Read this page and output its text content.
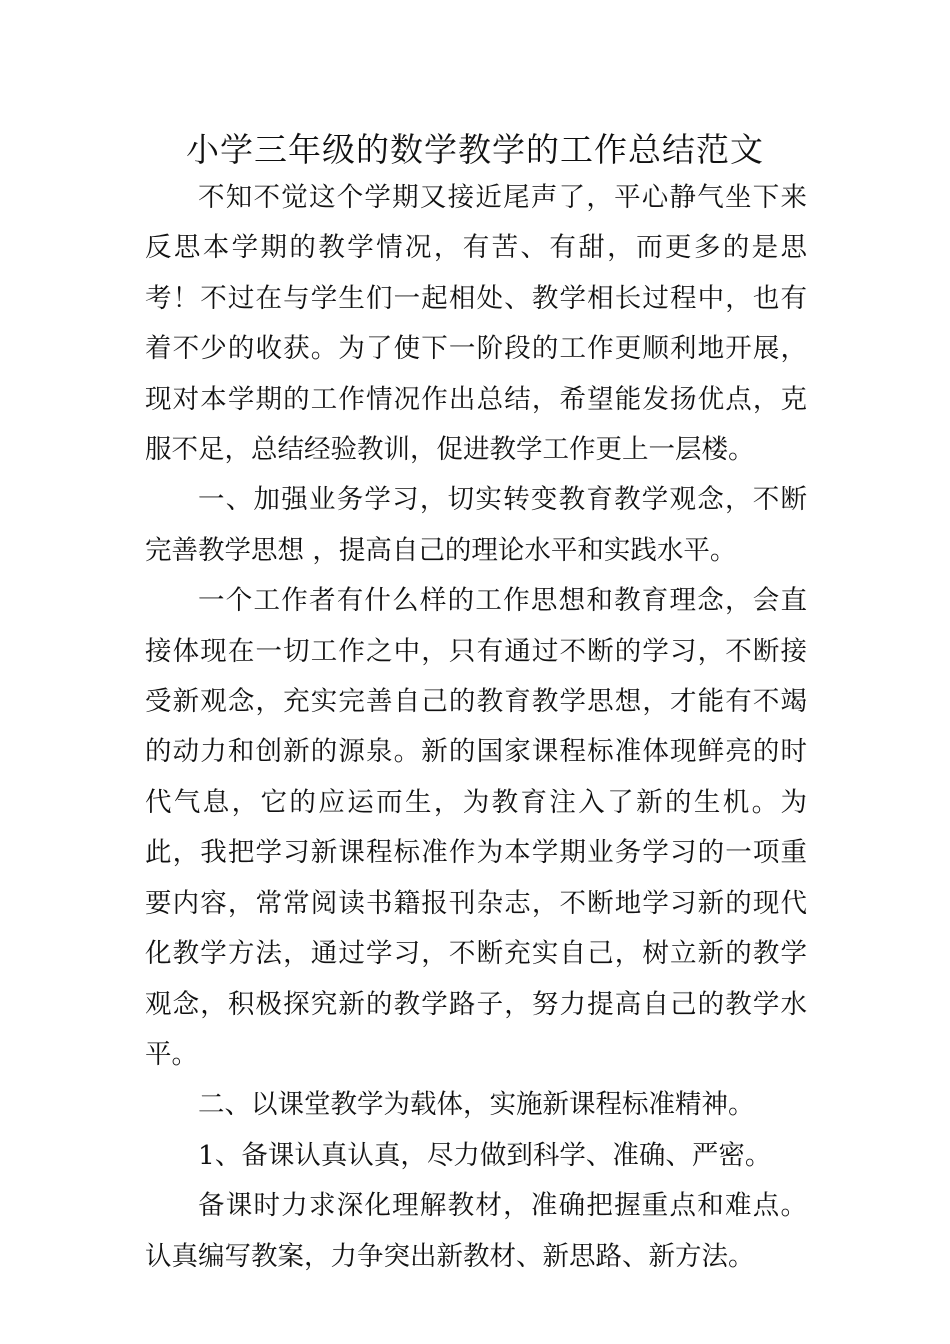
小学三年级的数学教学的工作总结范文

不知不觉这个学期又接近尾声了，平心静气坐下来反思本学期的教学情况，有苦、有甜，而更多的是思考！不过在与学生们一起相处、教学相长过程中，也有着不少的收获。为了使下一阶段的工作更顺利地开展，现对本学期的工作情况作出总结，希望能发扬优点，克服不足，总结经验教训，促进教学工作更上一层楼。

一、加强业务学习，切实转变教育教学观念，不断完善教学思想 ，提高自己的理论水平和实践水平。

一个工作者有什么样的工作思想和教育理念，会直接体现在一切工作之中，只有通过不断的学习，不断接受新观念，充实完善自己的教育教学思想，才能有不竭的动力和创新的源泉。新的国家课程标准体现鲜亮的时代气息，它的应运而生，为教育注入了新的生机。为此，我把学习新课程标准作为本学期业务学习的一项重要内容，常常阅读书籍报刊杂志，不断地学习新的现代化教学方法，通过学习，不断充实自己，树立新的教学观念，积极探究新的教学路子，努力提高自己的教学水平。

二、以课堂教学为载体，实施新课程标准精神。

1、备课认真认真，尽力做到科学、准确、严密。

备课时力求深化理解教材，准确把握重点和难点。认真编写教案，力争突出新教材、新思路、新方法。
